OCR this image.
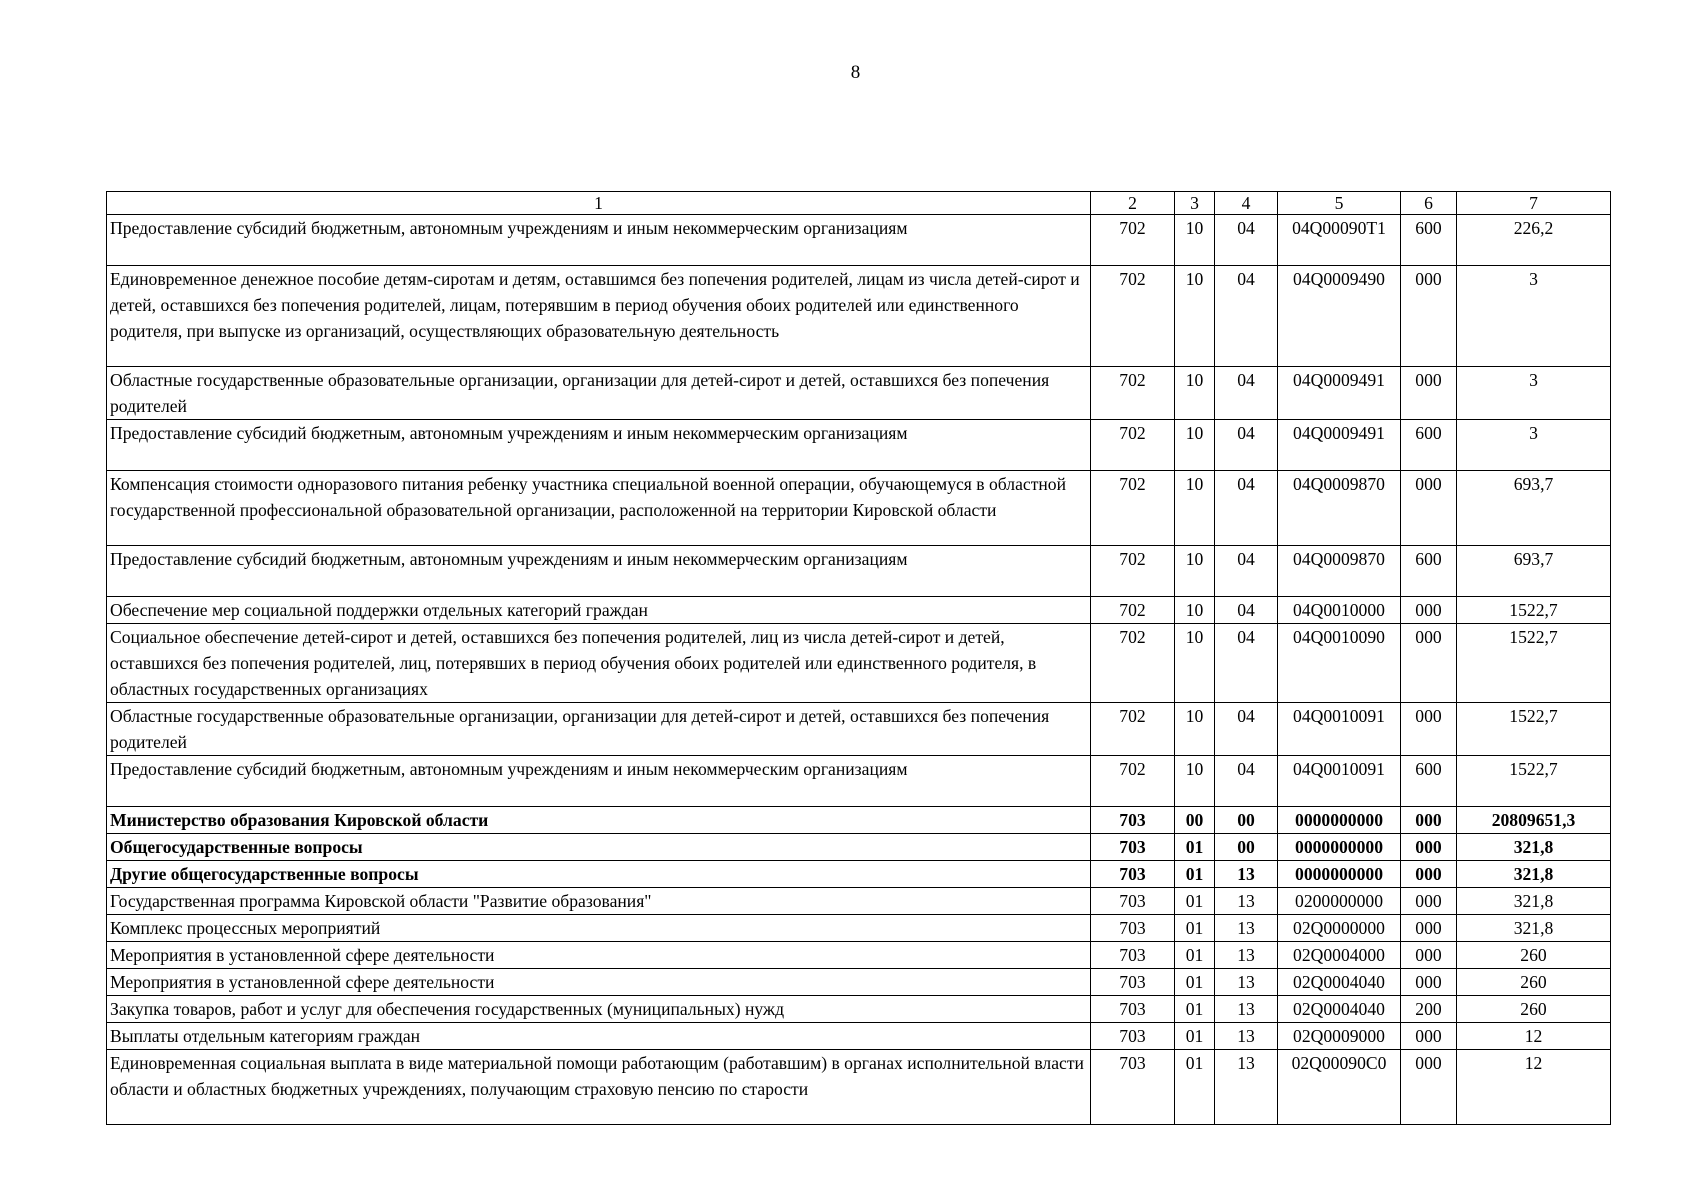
8
1	2	3	4	5	6	7
Предоставление субсидий бюджетным, автономным учреждениям и иным некоммерческим организациям	702	10	04	04Q00090T1	600	226,2
Единовременное денежное пособие детям-сиротам и детям, оставшимся без попечения родителей, лицам из числа детей-сирот и детей, оставшихся без попечения родителей, лицам, потерявшим в период обучения обоих родителей или единственного родителя, при выпуске из организаций, осуществляющих образовательную деятельность	702	10	04	04Q0009490	000	3
Областные государственные образовательные организации, организации для детей-сирот и детей, оставшихся без попечения родителей	702	10	04	04Q0009491	000	3
Предоставление субсидий бюджетным, автономным учреждениям и иным некоммерческим организациям	702	10	04	04Q0009491	600	3
Компенсация стоимости одноразового питания ребенку участника специальной военной операции, обучающемуся в областной государственной профессиональной образовательной организации, расположенной на территории Кировской области	702	10	04	04Q0009870	000	693,7
Предоставление субсидий бюджетным, автономным учреждениям и иным некоммерческим организациям	702	10	04	04Q0009870	600	693,7
Обеспечение мер социальной поддержки отдельных категорий граждан	702	10	04	04Q0010000	000	1522,7
Социальное обеспечение детей-сирот и детей, оставшихся без попечения родителей, лиц из числа детей-сирот и детей, оставшихся без попечения родителей, лиц, потерявших в период обучения обоих родителей или единственного родителя, в областных государственных организациях	702	10	04	04Q0010090	000	1522,7
Областные государственные образовательные организации, организации для детей-сирот и детей, оставшихся без попечения родителей	702	10	04	04Q0010091	000	1522,7
Предоставление субсидий бюджетным, автономным учреждениям и иным некоммерческим организациям	702	10	04	04Q0010091	600	1522,7
Министерство образования Кировской области	703	00	00	0000000000	000	20809651,3
Общегосударственные вопросы	703	01	00	0000000000	000	321,8
Другие общегосударственные вопросы	703	01	13	0000000000	000	321,8
Государственная программа Кировской области "Развитие образования"	703	01	13	0200000000	000	321,8
Комплекс процессных мероприятий	703	01	13	02Q0000000	000	321,8
Мероприятия в установленной сфере деятельности	703	01	13	02Q0004000	000	260
Мероприятия в установленной сфере деятельности	703	01	13	02Q0004040	000	260
Закупка товаров, работ и услуг для обеспечения государственных (муниципальных) нужд	703	01	13	02Q0004040	200	260
Выплаты отдельным категориям граждан	703	01	13	02Q0009000	000	12
Единовременная социальная выплата в виде материальной помощи работающим (работавшим) в органах исполнительной власти области и областных бюджетных учреждениях, получающим страховую пенсию по старости	703	01	13	02Q00090C0	000	12
